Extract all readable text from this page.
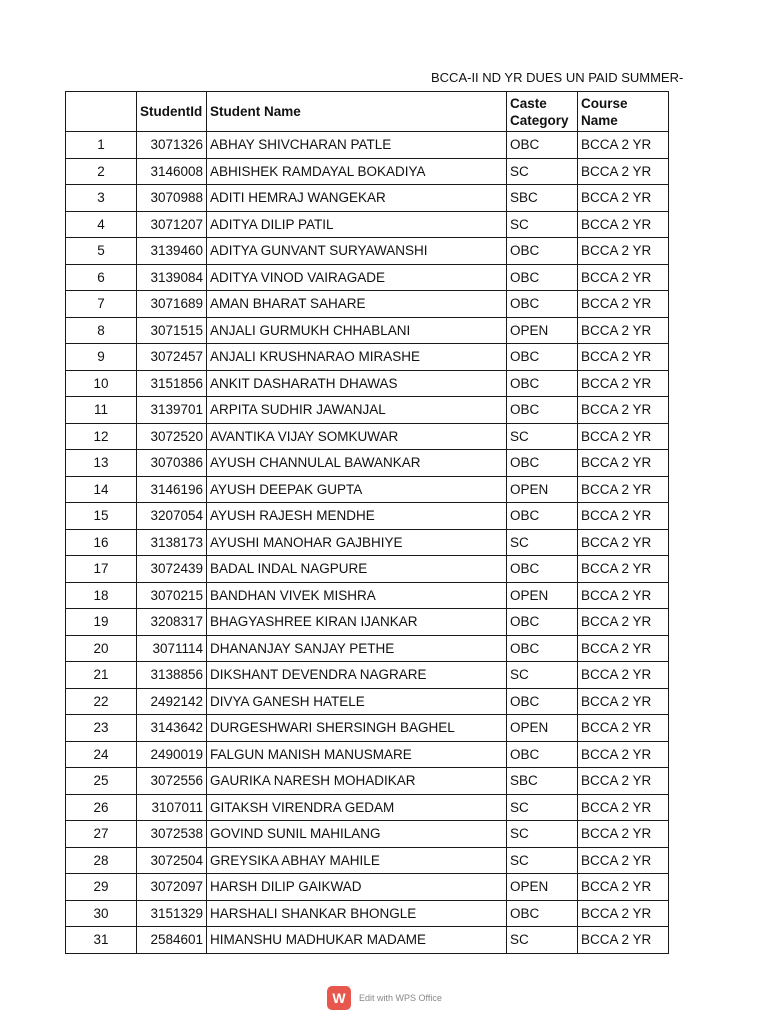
BCCA-II ND YR DUES UN PAID SUMMER-
	StudentId	Student Name	Caste Category	Course Name
1	3071326	ABHAY SHIVCHARAN PATLE	OBC	BCCA 2 YR
2	3146008	ABHISHEK RAMDAYAL BOKADIYA	SC	BCCA 2 YR
3	3070988	ADITI HEMRAJ WANGEKAR	SBC	BCCA 2 YR
4	3071207	ADITYA DILIP PATIL	SC	BCCA 2 YR
5	3139460	ADITYA GUNVANT SURYAWANSHI	OBC	BCCA 2 YR
6	3139084	ADITYA VINOD VAIRAGADE	OBC	BCCA 2 YR
7	3071689	AMAN BHARAT SAHARE	OBC	BCCA 2 YR
8	3071515	ANJALI GURMUKH CHHABLANI	OPEN	BCCA 2 YR
9	3072457	ANJALI KRUSHNARAO MIRASHE	OBC	BCCA 2 YR
10	3151856	ANKIT DASHARATH DHAWAS	OBC	BCCA 2 YR
11	3139701	ARPITA SUDHIR JAWANJAL	OBC	BCCA 2 YR
12	3072520	AVANTIKA VIJAY SOMKUWAR	SC	BCCA 2 YR
13	3070386	AYUSH CHANNULAL BAWANKAR	OBC	BCCA 2 YR
14	3146196	AYUSH DEEPAK GUPTA	OPEN	BCCA 2 YR
15	3207054	AYUSH RAJESH MENDHE	OBC	BCCA 2 YR
16	3138173	AYUSHI MANOHAR GAJBHIYE	SC	BCCA 2 YR
17	3072439	BADAL INDAL NAGPURE	OBC	BCCA 2 YR
18	3070215	BANDHAN VIVEK MISHRA	OPEN	BCCA 2 YR
19	3208317	BHAGYASHREE KIRAN IJANKAR	OBC	BCCA 2 YR
20	3071114	DHANANJAY SANJAY PETHE	OBC	BCCA 2 YR
21	3138856	DIKSHANT DEVENDRA NAGRARE	SC	BCCA 2 YR
22	2492142	DIVYA GANESH HATELE	OBC	BCCA 2 YR
23	3143642	DURGESHWARI SHERSINGH BAGHEL	OPEN	BCCA 2 YR
24	2490019	FALGUN MANISH MANUSMARE	OBC	BCCA 2 YR
25	3072556	GAURIKA NARESH MOHADIKAR	SBC	BCCA 2 YR
26	3107011	GITAKSH VIRENDRA GEDAM	SC	BCCA 2 YR
27	3072538	GOVIND SUNIL MAHILANG	SC	BCCA 2 YR
28	3072504	GREYSIKA ABHAY MAHILE	SC	BCCA 2 YR
29	3072097	HARSH DILIP GAIKWAD	OPEN	BCCA 2 YR
30	3151329	HARSHALI SHANKAR BHONGLE	OBC	BCCA 2 YR
31	2584601	HIMANSHU MADHUKAR MADAME	SC	BCCA 2 YR
W	Edit with WPS Office
